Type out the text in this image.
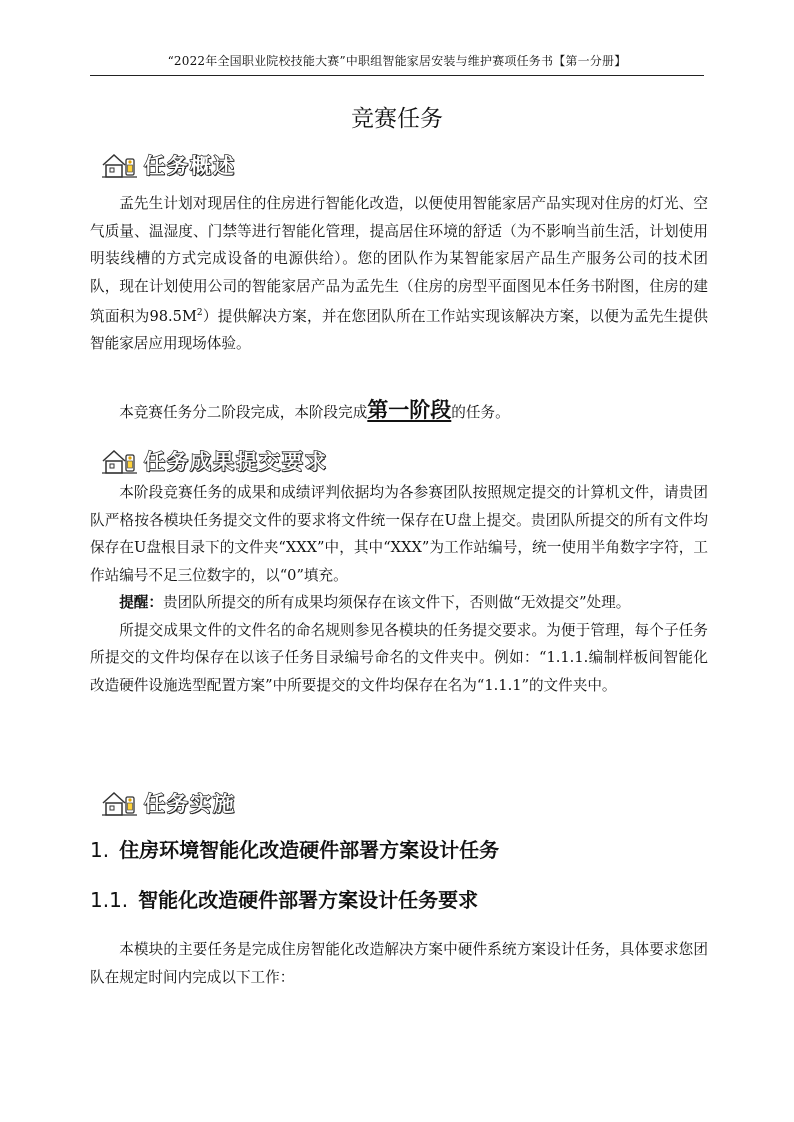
“2022年全国职业院校技能大赛”中职组智能家居安装与维护赛项任务书【第一分册】
竞赛任务
任务概述

孟先生计划对现居住的住房进行智能化改造，以便使用智能家居产品实现对住房的灯光、空气质量、温湿度、门禁等进行智能化管理，提高居住环境的舒适（为不影响当前生活，计划使用明装线槽的方式完成设备的电源供给）。您的团队作为某智能家居产品生产服务公司的技术团队，现在计划使用公司的智能家居产品为孟先生（住房的房型平面图见本任务书附图，住房的建筑面积为$98.5M^2$）提供解决方案，并在您团队所在工作站实现该解决方案，以便为孟先生提供智能家居应用现场体验。

本竞赛任务分二阶段完成，本阶段完成第一阶段的任务。

任务成果提交要求

本阶段竞赛任务的成果和成绩评判依据均为各参赛团队按照规定提交的计算机文件，请贵团队严格按各模块任务提交文件的要求将文件统一保存在U盘上提交。贵团队所提交的所有文件均保存在U盘根目录下的文件夹“XXX”中，其中“XXX”为工作站编号，统一使用半角数字字符，工作站编号不足三位数字的，以“0”填充。

提醒：贵团队所提交的所有成果均须保存在该文件下，否则做“无效提交”处理。

所提交成果文件的文件名的命名规则参见各模块的任务提交要求。为便于管理，每个子任务所提交的文件均保存在以该子任务目录编号命名的文件夹中。例如：“1.1.1.编制样板间智能化改造硬件设施选型配置方案”中所要提交的文件均保存在名为“1.1.1”的文件夹中。

任务实施
1. 住房环境智能化改造硬件部署方案设计任务
1.1. 智能化改造硬件部署方案设计任务要求

本模块的主要任务是完成住房智能化改造解决方案中硬件系统方案设计任务，具体要求您团队在规定时间内完成以下工作：
